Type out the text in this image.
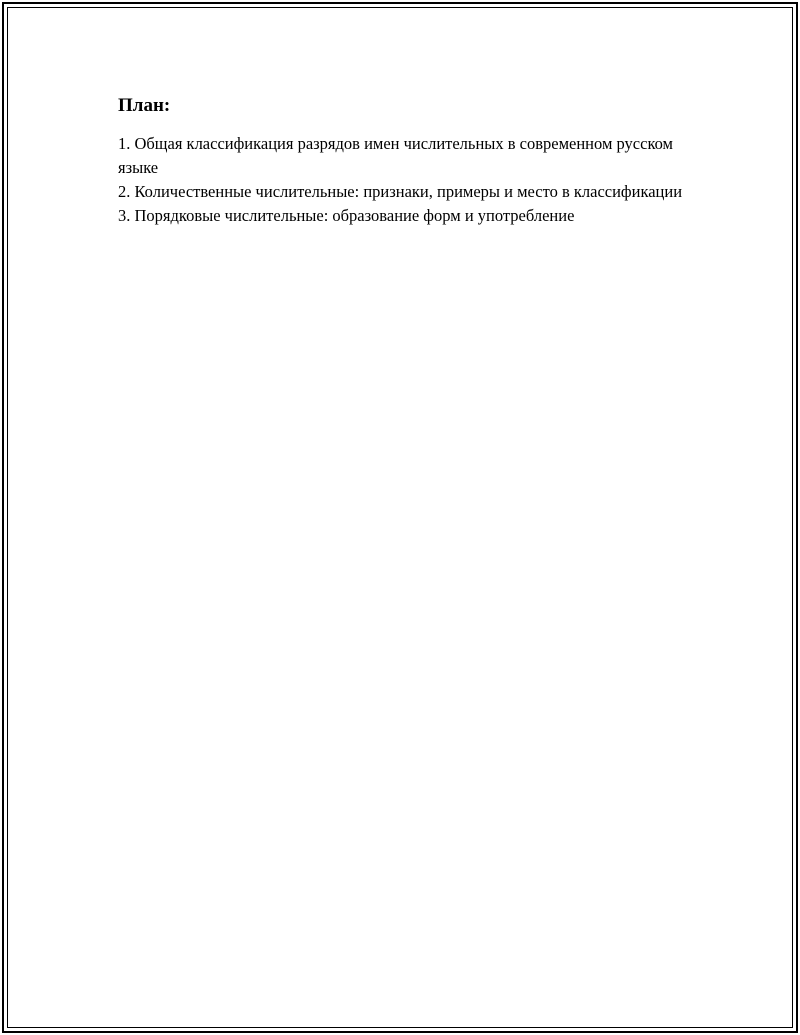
План:
1. Общая классификация разрядов имен числительных в современном русском языке
2. Количественные числительные: признаки, примеры и место в классификации
3. Порядковые числительные: образование форм и употребление
